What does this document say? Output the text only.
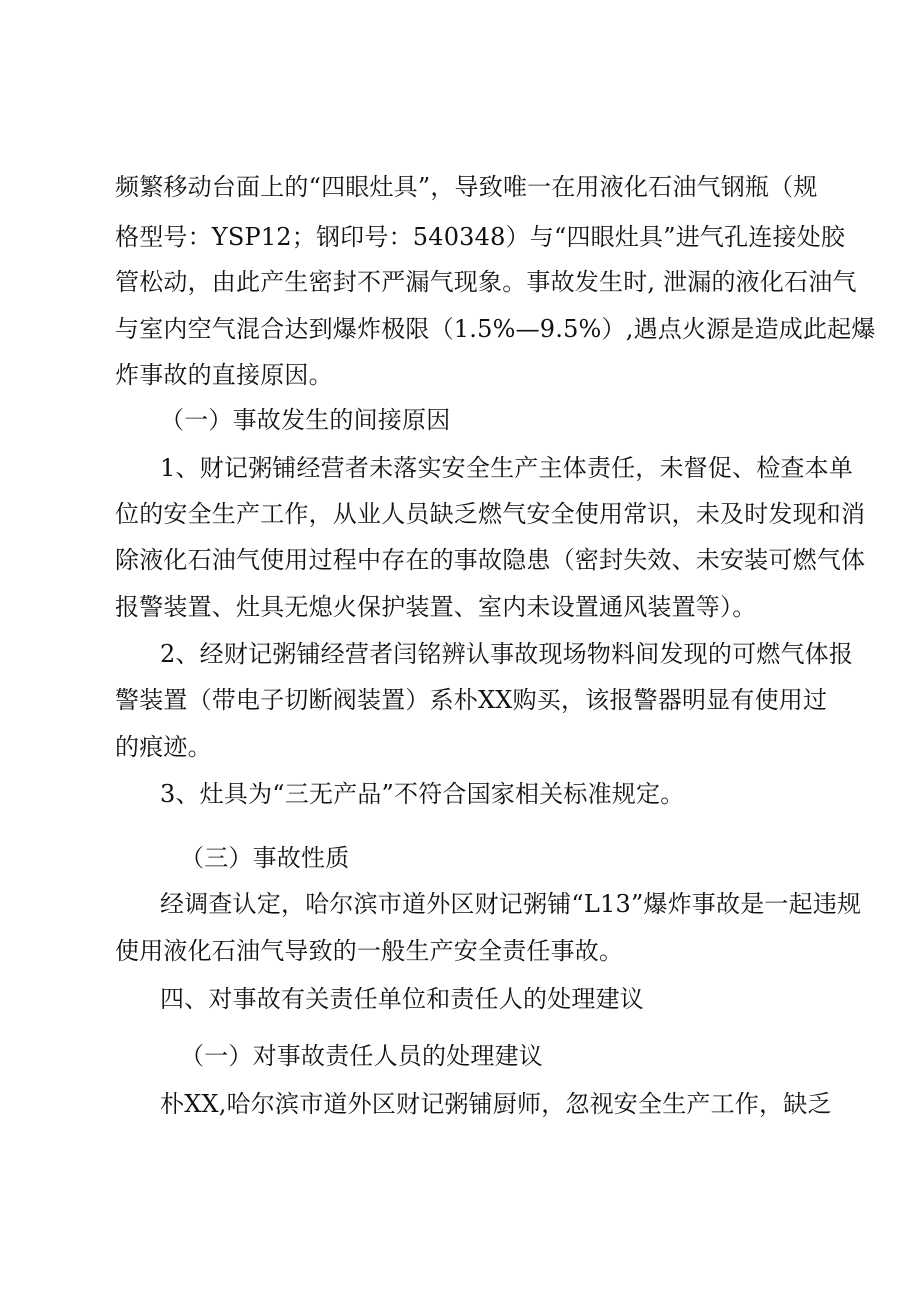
频繁移动台面上的“四眼灶具”，导致唯一在用液化石油气钢瓶（规
格型号：YSP12；钢印号：540348）与“四眼灶具”进气孔连接处胶
管松动，由此产生密封不严漏气现象。事故发生时, 泄漏的液化石油气
与室内空气混合达到爆炸极限（1.5%—9.5%）,遇点火源是造成此起爆
炸事故的直接原因。
（一）事故发生的间接原因
1、财记粥铺经营者未落实安全生产主体责任，未督促、检查本单
位的安全生产工作，从业人员缺乏燃气安全使用常识，未及时发现和消
除液化石油气使用过程中存在的事故隐患（密封失效、未安装可燃气体
报警装置、灶具无熄火保护装置、室内未设置通风装置等）。
2、经财记粥铺经营者闫铭辨认事故现场物料间发现的可燃气体报
警装置（带电子切断阀装置）系朴XX购买，该报警器明显有使用过
的痕迹。
3、灶具为“三无产品”不符合国家相关标准规定。
（三）事故性质
经调查认定，哈尔滨市道外区财记粥铺“L13”爆炸事故是一起违规
使用液化石油气导致的一般生产安全责任事故。
四、对事故有关责任单位和责任人的处理建议
（一）对事故责任人员的处理建议
朴XX,哈尔滨市道外区财记粥铺厨师，忽视安全生产工作，缺乏
